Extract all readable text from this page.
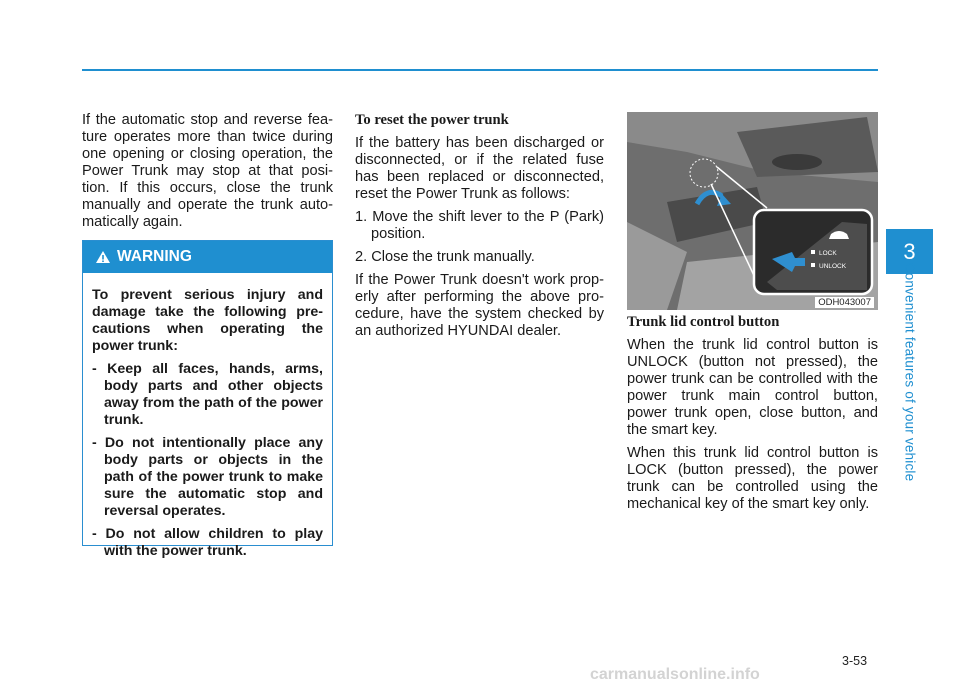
If the automatic stop and reverse fea-ture operates more than twice during one opening or closing operation, the Power Trunk may stop at that posi-tion. If this occurs, close the trunk manually and operate the trunk auto-matically again.

WARNING

To prevent serious injury and damage take the following pre-cautions when operating the power trunk:

- Keep all faces, hands, arms, body parts and other objects away from the path of the power trunk.

- Do not intentionally place any body parts or objects in the path of the power trunk to make sure the automatic stop and reversal operates.

- Do not allow children to play with the power trunk.

To reset the power trunk

If the battery has been discharged or disconnected, or if the related fuse has been replaced or disconnected, reset the Power Trunk as follows:

1. Move the shift lever to the P (Park) position.

2. Close the trunk manually.

If the Power Trunk doesn't work prop-erly after performing the above pro-cedure, have the system checked by an authorized HYUNDAI dealer.

LOCK
UNLOCK
ODH043007
Trunk lid control button

When the trunk lid control button is UNLOCK (button not pressed), the power trunk can be controlled with the power trunk main control button, power trunk open, close button, and the smart key.

When this trunk lid control button is LOCK (button pressed), the power trunk can be controlled using the mechanical key of the smart key only.

3
Convenient features of your vehicle
3-53
carmanualsonline.info
